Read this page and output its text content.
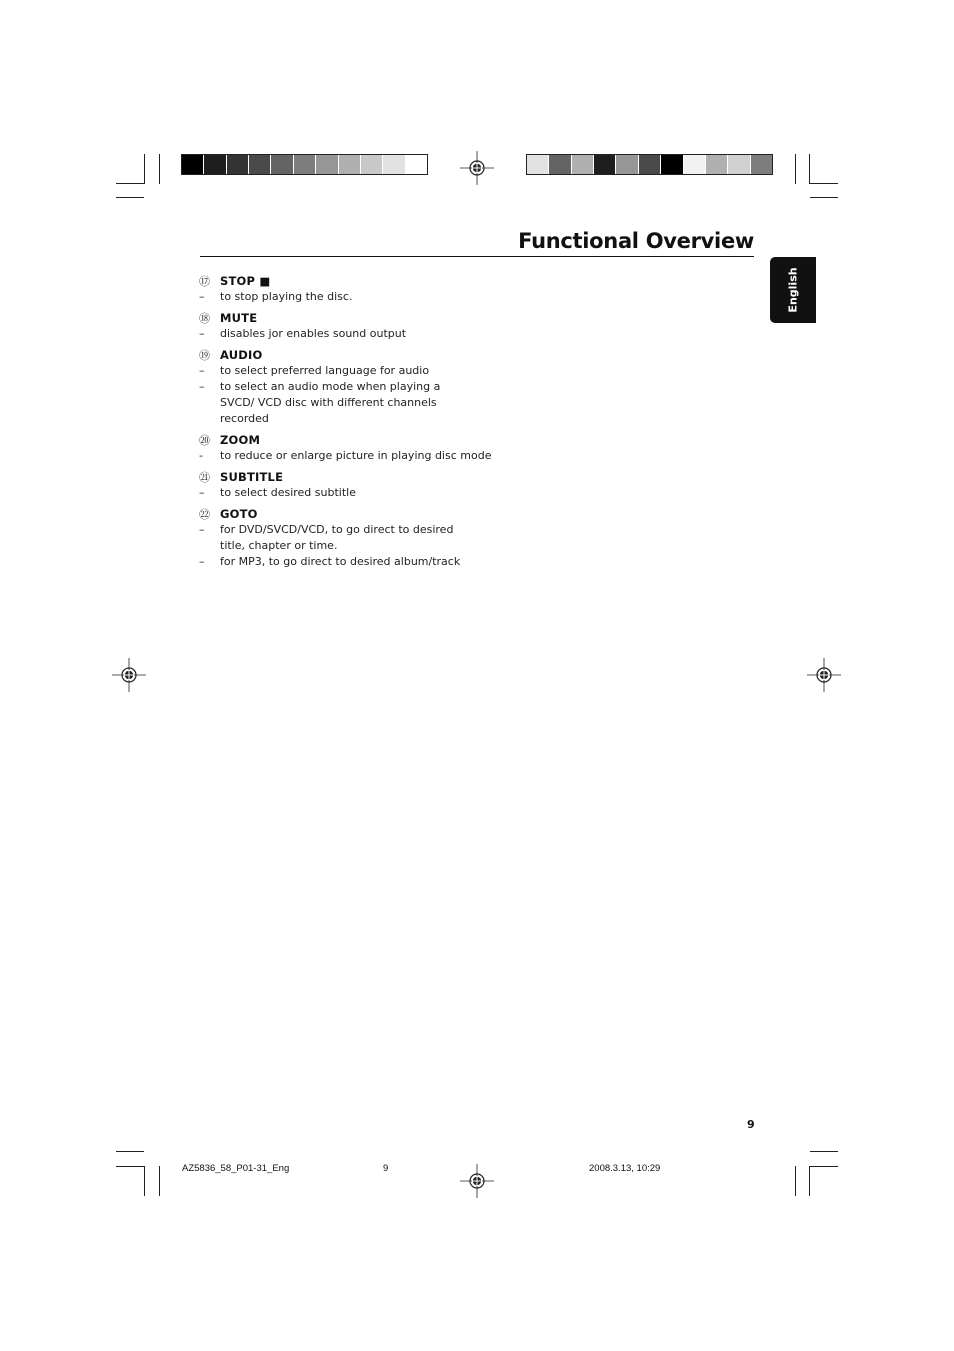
Functional Overview
English
⑰ STOP ■
–	to stop playing the disc.
⑱ MUTE
–	disables jor enables sound output
⑲ AUDIO
–	to select preferred language for audio
–	to select an audio mode when playing a SVCD/ VCD disc with different channels recorded
⑳ ZOOM
-	to reduce or enlarge picture in playing disc mode
㉑ SUBTITLE
–	to select desired subtitle
㉒ GOTO
–	for DVD/SVCD/VCD, to go direct to desired title, chapter or time.
–	for MP3, to go direct to desired album/track
9
AZ5836_58_P01-31_Eng	9	2008.3.13, 10:29
